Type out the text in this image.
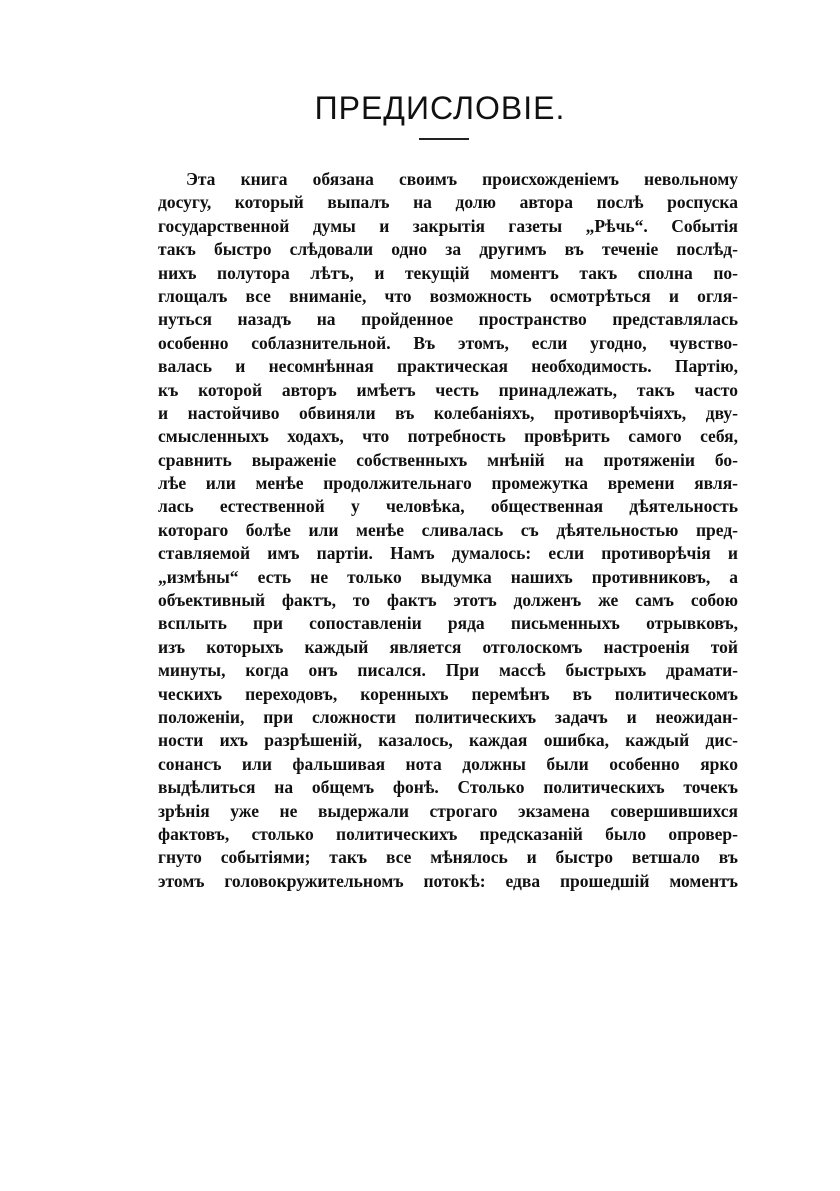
ПРЕДИСЛОВІЕ.
Эта книга обязана своимъ происхожденіемъ невольному
досугу, который выпалъ на долю автора послѣ роспуска
государственной думы и закрытія газеты „Рѣчь“. Событія
такъ быстро слѣдовали одно за другимъ въ теченіе послѣд-
нихъ полутора лѣтъ, и текущій моментъ такъ сполна по-
глощалъ все вниманіе, что возможность осмотрѣться и огля-
нуться назадъ на пройденное пространство представлялась
особенно соблазнительной. Въ этомъ, если угодно, чувство-
валась и несомнѣнная практическая необходимость. Партію,
къ которой авторъ имѣетъ честь принадлежать, такъ часто
и настойчиво обвиняли въ колебаніяхъ, противорѣчіяхъ, дву-
смысленныхъ ходахъ, что потребность провѣрить самого себя,
сравнить выраженіе собственныхъ мнѣній на протяженіи бо-
лѣе или менѣе продолжительнаго промежутка времени явля-
лась естественной у человѣка, общественная дѣятельность
котораго болѣе или менѣе сливалась съ дѣятельностью пред-
ставляемой имъ партіи. Намъ думалось: если противорѣчія и
„измѣны“ есть не только выдумка нашихъ противниковъ, а
объективный фактъ, то фактъ этотъ долженъ же самъ собою
всплыть при сопоставленіи ряда письменныхъ отрывковъ,
изъ которыхъ каждый является отголоскомъ настроенія той
минуты, когда онъ писался. При массѣ быстрыхъ драмати-
ческихъ переходовъ, коренныхъ перемѣнъ въ политическомъ
положеніи, при сложности политическихъ задачъ и неожидан-
ности ихъ разрѣшеній, казалось, каждая ошибка, каждый дис-
сонансъ или фальшивая нота должны были особенно ярко
выдѣлиться на общемъ фонѣ. Столько политическихъ точекъ
зрѣнія уже не выдержали строгаго экзамена совершившихся
фактовъ, столько политическихъ предсказаній было опровер-
гнуто событіями; такъ все мѣнялось и быстро ветшало въ
этомъ головокружительномъ потокѣ: едва прошедшій моментъ
